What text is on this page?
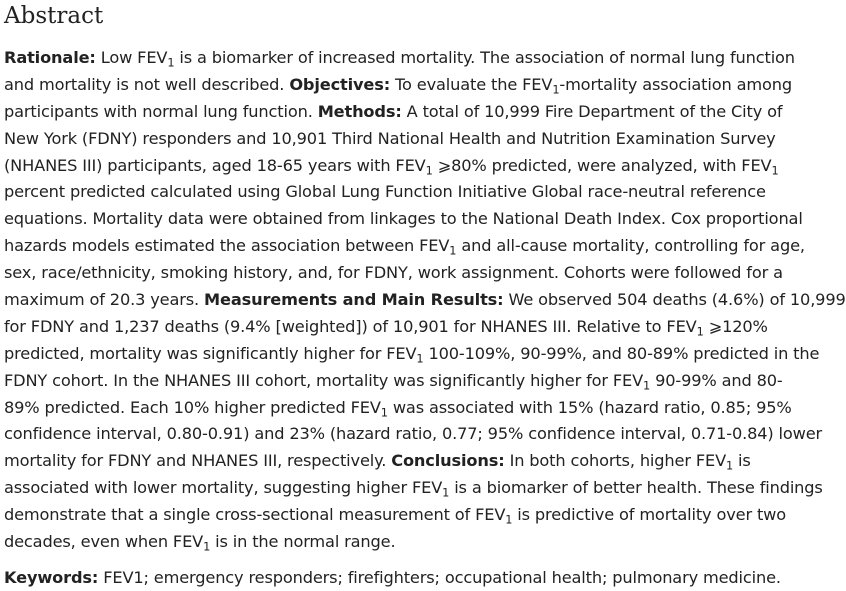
Abstract
Rationale: Low $FEV_1$ is a biomarker of increased mortality. The association of normal lung function
and mortality is not well described. Objectives: To evaluate the $FEV_1$-mortality association among
participants with normal lung function. Methods: A total of 10,999 Fire Department of the City of
New York (FDNY) responders and 10,901 Third National Health and Nutrition Examination Survey
(NHANES III) participants, aged 18-65 years with $FEV_1$ ⩾80% predicted, were analyzed, with $FEV_1$
percent predicted calculated using Global Lung Function Initiative Global race-neutral reference
equations. Mortality data were obtained from linkages to the National Death Index. Cox proportional
hazards models estimated the association between $FEV_1$ and all-cause mortality, controlling for age,
sex, race/ethnicity, smoking history, and, for FDNY, work assignment. Cohorts were followed for a
maximum of 20.3 years. Measurements and Main Results: We observed 504 deaths (4.6%) of 10,999
for FDNY and 1,237 deaths (9.4% [weighted]) of 10,901 for NHANES III. Relative to $FEV_1$ ⩾120%
predicted, mortality was significantly higher for $FEV_1$ 100-109%, 90-99%, and 80-89% predicted in the
FDNY cohort. In the NHANES III cohort, mortality was significantly higher for $FEV_1$ 90-99% and 80-
89% predicted. Each 10% higher predicted $FEV_1$ was associated with 15% (hazard ratio, 0.85; 95%
confidence interval, 0.80-0.91) and 23% (hazard ratio, 0.77; 95% confidence interval, 0.71-0.84) lower
mortality for FDNY and NHANES III, respectively. Conclusions: In both cohorts, higher $FEV_1$ is
associated with lower mortality, suggesting higher $FEV_1$ is a biomarker of better health. These findings
demonstrate that a single cross-sectional measurement of $FEV_1$ is predictive of mortality over two
decades, even when $FEV_1$ is in the normal range.
Keywords: FEV1; emergency responders; firefighters; occupational health; pulmonary medicine.
